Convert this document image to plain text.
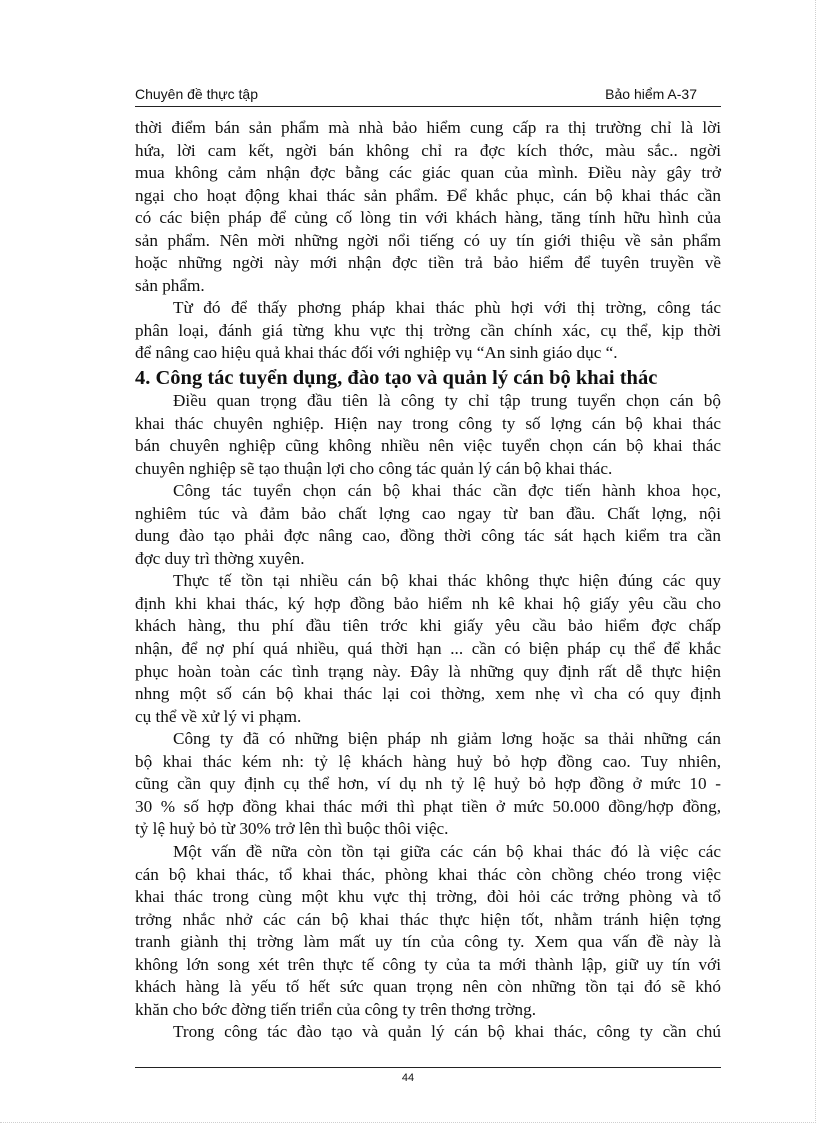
Chuyên đề thực tập	Bảo hiểm A-37

thời điểm bán sản phẩm mà nhà bảo hiểm cung cấp ra thị trường chỉ là lời
hứa, lời cam kết, ngời bán không chỉ ra đợc kích thớc, màu sắc.. ngời
mua không cảm nhận đợc bằng các giác quan của mình. Điều này gây trở
ngại cho hoạt động khai thác sản phẩm. Để khắc phục, cán bộ khai thác cần
có các biện pháp để củng cố lòng tin với khách hàng, tăng tính hữu hình của
sản phẩm. Nên mời những ngời nổi tiếng có uy tín giới thiệu về sản phẩm
hoặc những ngời này mới nhận đợc tiền trả bảo hiểm để tuyên truyền về
sản phẩm.

Từ đó để thấy phơng pháp khai thác phù hợi với thị trờng, công tác
phân loại, đánh giá từng khu vực thị trờng cần chính xác, cụ thể, kịp thời
để nâng cao hiệu quả khai thác đối với nghiệp vụ “An sinh giáo dục “.

4. Công tác tuyển dụng, đào tạo và quản lý cán bộ khai thác

Điều quan trọng đầu tiên là công ty chỉ tập trung tuyển chọn cán bộ
khai thác chuyên nghiệp. Hiện nay trong công ty số lợng cán bộ khai thác
bán chuyên nghiệp cũng không nhiều nên việc tuyển chọn cán bộ khai thác
chuyên nghiệp sẽ tạo thuận lợi cho công tác quản lý cán bộ khai thác.

Công tác tuyển chọn cán bộ khai thác cần đợc tiến hành khoa học,
nghiêm túc và đảm bảo chất lợng cao ngay từ ban đầu. Chất lợng, nội
dung đào tạo phải đợc nâng cao, đồng thời công tác sát hạch kiểm tra cần
đợc duy trì thờng xuyên.

Thực tế tồn tại nhiều cán bộ khai thác không thực hiện đúng các quy
định khi khai thác, ký hợp đồng bảo hiểm nh kê khai hộ giấy yêu cầu cho
khách hàng, thu phí đầu tiên trớc khi giấy yêu cầu bảo hiểm đợc chấp
nhận, để nợ phí quá nhiều, quá thời hạn ... cần có biện pháp cụ thể để khắc
phục hoàn toàn các tình trạng này. Đây là những quy định rất dễ thực hiện
nhng một số cán bộ khai thác lại coi thờng, xem nhẹ vì cha có quy định
cụ thể về xử lý vi phạm.

Công ty đã có những biện pháp nh giảm lơng hoặc sa thải những cán
bộ khai thác kém nh: tỷ lệ khách hàng huỷ bỏ hợp đồng cao. Tuy nhiên,
cũng cần quy định cụ thể hơn, ví dụ nh tỷ lệ huỷ bỏ hợp đồng ở mức 10 -
30 % số hợp đồng khai thác mới thì phạt tiền ở mức 50.000 đồng/hợp đồng,
tỷ lệ huỷ bỏ từ 30% trở lên thì buộc thôi việc.

Một vấn đề nữa còn tồn tại giữa các cán bộ khai thác đó là việc các
cán bộ khai thác, tổ khai thác, phòng khai thác còn chồng chéo trong việc
khai thác trong cùng một khu vực thị trờng, đòi hỏi các trởng phòng và tổ
trởng nhắc nhở các cán bộ khai thác thực hiện tốt, nhằm tránh hiện tợng
tranh giành thị trờng làm mất uy tín của công ty. Xem qua vấn đề này là
không lớn song xét trên thực tế công ty của ta mới thành lập, giữ uy tín với
khách hàng là yếu tố hết sức quan trọng nên còn những tồn tại đó sẽ khó
khăn cho bớc đờng tiến triển của công ty trên thơng trờng.

Trong công tác đào tạo và quản lý cán bộ khai thác, công ty cần chú

44
